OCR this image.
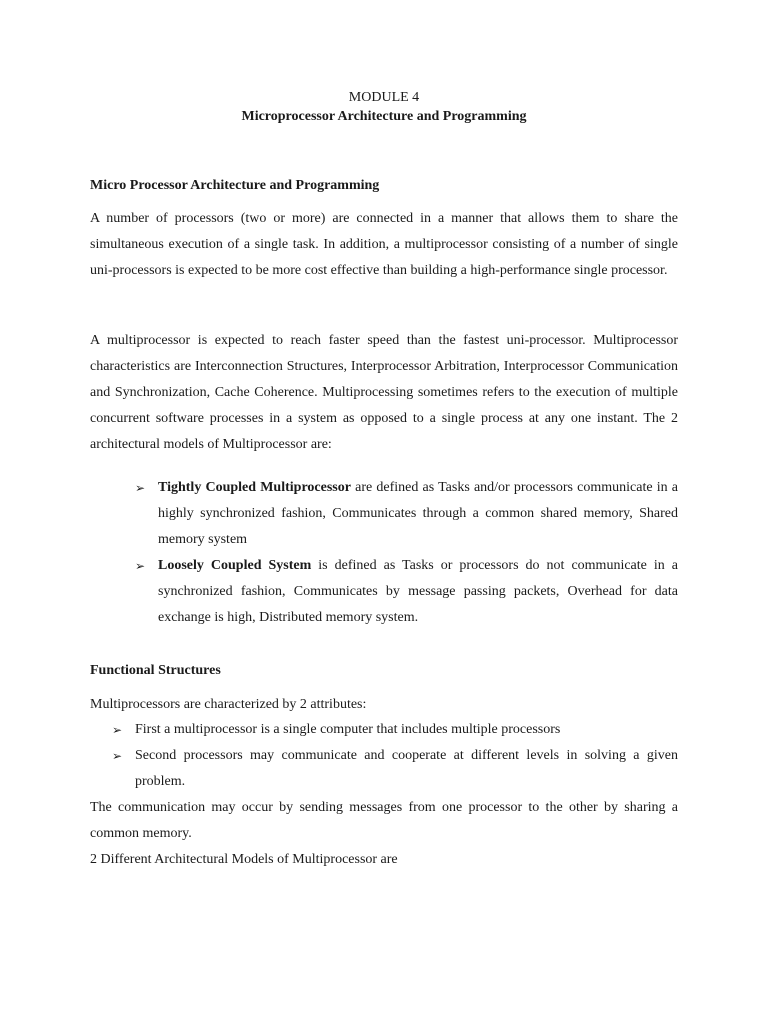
MODULE 4
Microprocessor Architecture and Programming
Micro Processor Architecture and Programming
A number of processors (two or more) are connected in a manner that allows them to share the simultaneous execution of a single task. In addition, a multiprocessor consisting of a number of single uni-processors is expected to be more cost effective than building a high-performance single processor.
A multiprocessor is expected to reach faster speed than the fastest uni-processor. Multiprocessor characteristics are Interconnection Structures, Interprocessor Arbitration, Interprocessor Communication and Synchronization, Cache Coherence. Multiprocessing sometimes refers to the execution of multiple concurrent software processes in a system as opposed to a single process at any one instant. The 2 architectural models of Multiprocessor are:
➢ Tightly Coupled Multiprocessor are defined as Tasks and/or processors communicate in a highly synchronized fashion, Communicates through a common shared memory, Shared memory system
➢ Loosely Coupled System is defined as Tasks or processors do not communicate in a synchronized fashion, Communicates by message passing packets, Overhead for data exchange is high, Distributed memory system.
Functional Structures
Multiprocessors are characterized by 2 attributes:
➢ First a multiprocessor is a single computer that includes multiple processors
➢ Second processors may communicate and cooperate at different levels in solving a given problem.
The communication may occur by sending messages from one processor to the other by sharing a common memory.
2 Different Architectural Models of Multiprocessor are
